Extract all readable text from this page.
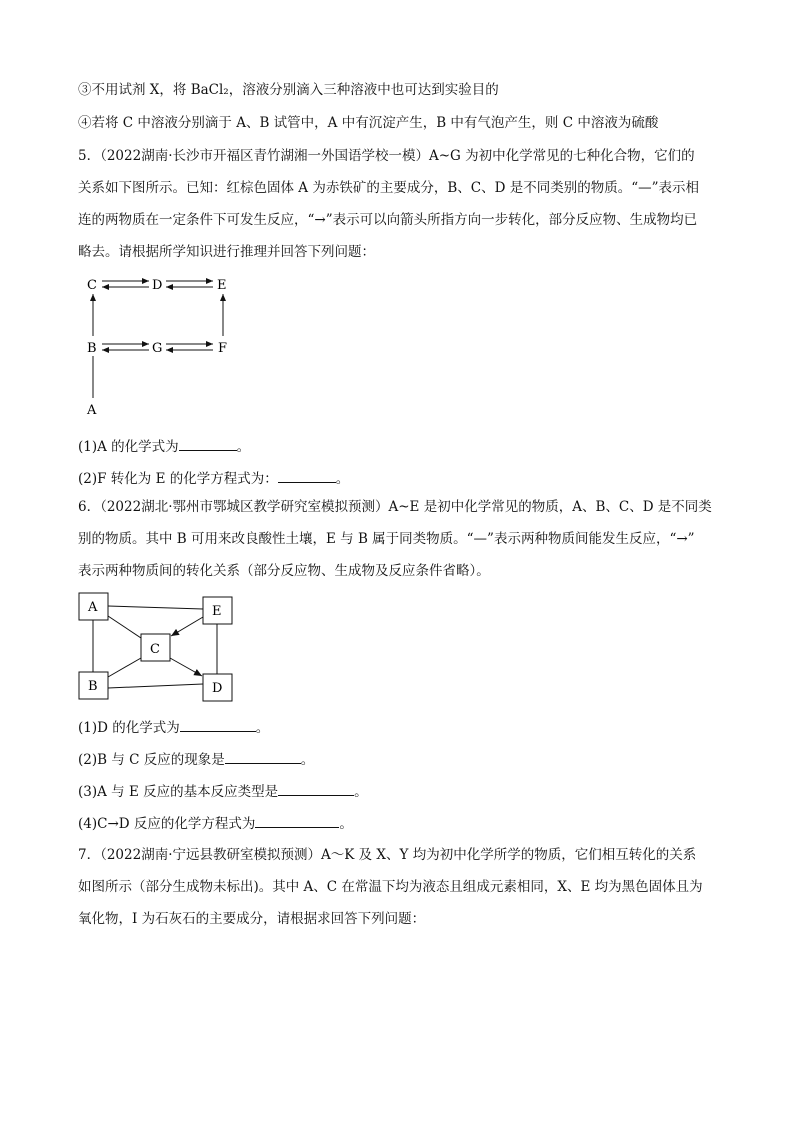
③不用试剂 X，将 BaCl₂，溶液分别滴入三种溶液中也可达到实验目的
④若将 C 中溶液分别滴于 A、B 试管中，A 中有沉淀产生，B 中有气泡产生，则 C 中溶液为硫酸
5．（2022湖南·长沙市开福区青竹湖湘一外国语学校一模）A~G 为初中化学常见的七种化合物，它们的
关系如下图所示。已知：红棕色固体 A 为赤铁矿的主要成分，B、C、D 是不同类别的物质。“—”表示相
连的两物质在一定条件下可发生反应，“→”表示可以向箭头所指方向一步转化，部分反应物、生成物均已
略去。请根据所学知识进行推理并回答下列问题：
C	D	E
B	G	F
A
(1)A 的化学式为	。
(2)F 转化为 E 的化学方程式为：	。
6．（2022湖北·鄂州市鄂城区教学研究室模拟预测）A~E 是初中化学常见的物质，A、B、C、D 是不同类
别的物质。其中 B 可用来改良酸性土壤，E 与 B 属于同类物质。“—”表示两种物质间能发生反应，“→”
表示两种物质间的转化关系（部分反应物、生成物及反应条件省略）。
A	E
C
B	D
(1)D 的化学式为	。
(2)B 与 C 反应的现象是	。
(3)A 与 E 反应的基本反应类型是	。
(4)C→D 反应的化学方程式为	。
7．（2022湖南·宁远县教研室模拟预测）A～K 及 X、Y 均为初中化学所学的物质，它们相互转化的关系
如图所示（部分生成物未标出)。其中 A、C 在常温下均为液态且组成元素相同，X、E 均为黑色固体且为
氧化物，I 为石灰石的主要成分，请根据求回答下列问题：
